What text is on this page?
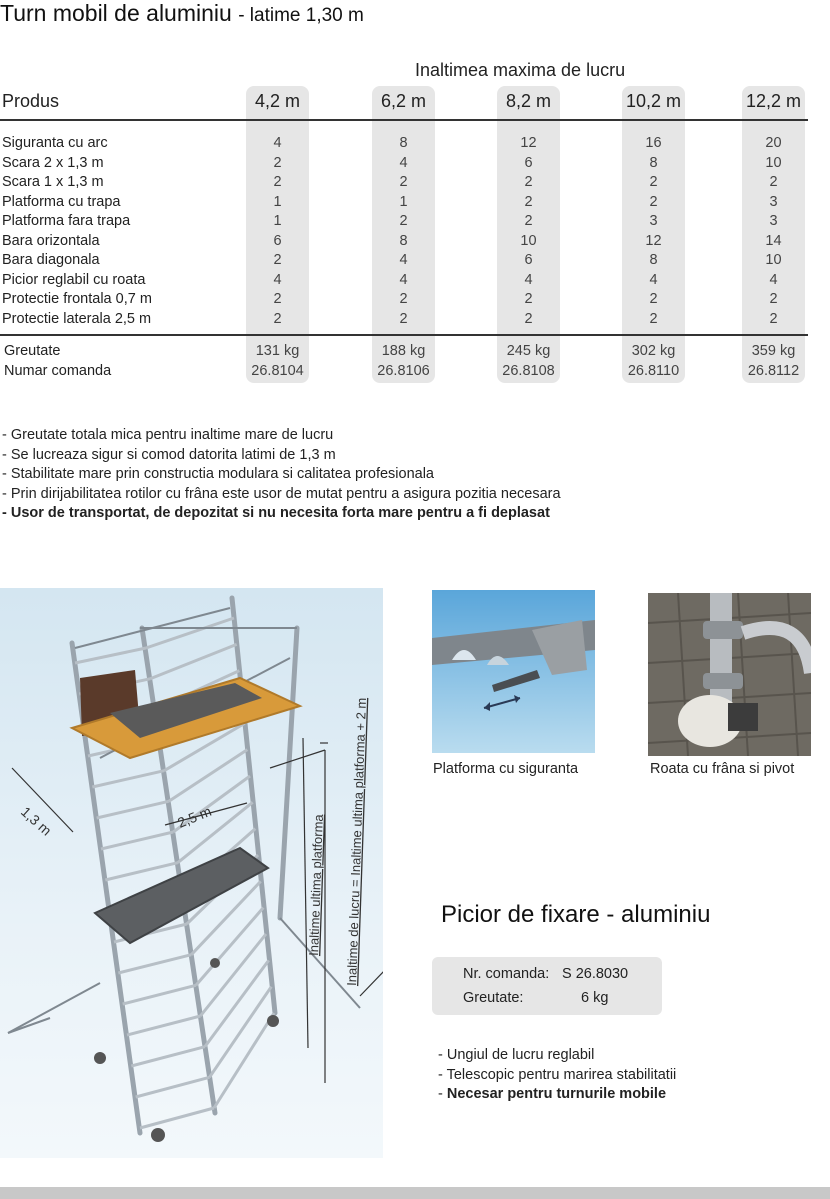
Turn mobil de aluminiu - latime 1,30 m
Inaltimea maxima de lucru
Produs	4,2 m	6,2 m	8,2 m	10,2 m	12,2 m
Siguranta cu arc	4	8	12	16	20
Scara 2 x 1,3 m	2	4	6	8	10
Scara 1 x 1,3 m	2	2	2	2	2
Platforma cu trapa	1	1	2	2	3
Platforma fara trapa	1	2	2	3	3
Bara orizontala	6	8	10	12	14
Bara diagonala	2	4	6	8	10
Picior reglabil cu roata	4	4	4	4	4
Protectie frontala 0,7 m	2	2	2	2	2
Protectie laterala 2,5 m	2	2	2	2	2
Greutate	131 kg	188 kg	245 kg	302 kg	359 kg
Numar comanda	26.8104	26.8106	26.8108	26.8110	26.8112
- Greutate totala mica pentru inaltime mare de lucru
- Se lucreaza sigur si comod datorita latimi de 1,3 m
- Stabilitate mare prin constructia modulara si calitatea profesionala
- Prin dirijabilitatea rotilor cu frâna este usor de mutat pentru a asigura pozitia necesara
- Usor de transportat, de depozitat si nu necesita forta mare pentru a fi deplasat
1,3 m	2,5 m	Inaltime ultima platforma Inaltime de lucru = Inaltime ultima platforma + 2 m	Platforma cu siguranta	Roata cu frâna si pivot
Picior de fixare - aluminiu
Nr. comanda: S 26.8030
Greutate:	6 kg
- Ungiul de lucru reglabil
- Telescopic pentru marirea stabilitatii
- Necesar pentru turnurile mobile
